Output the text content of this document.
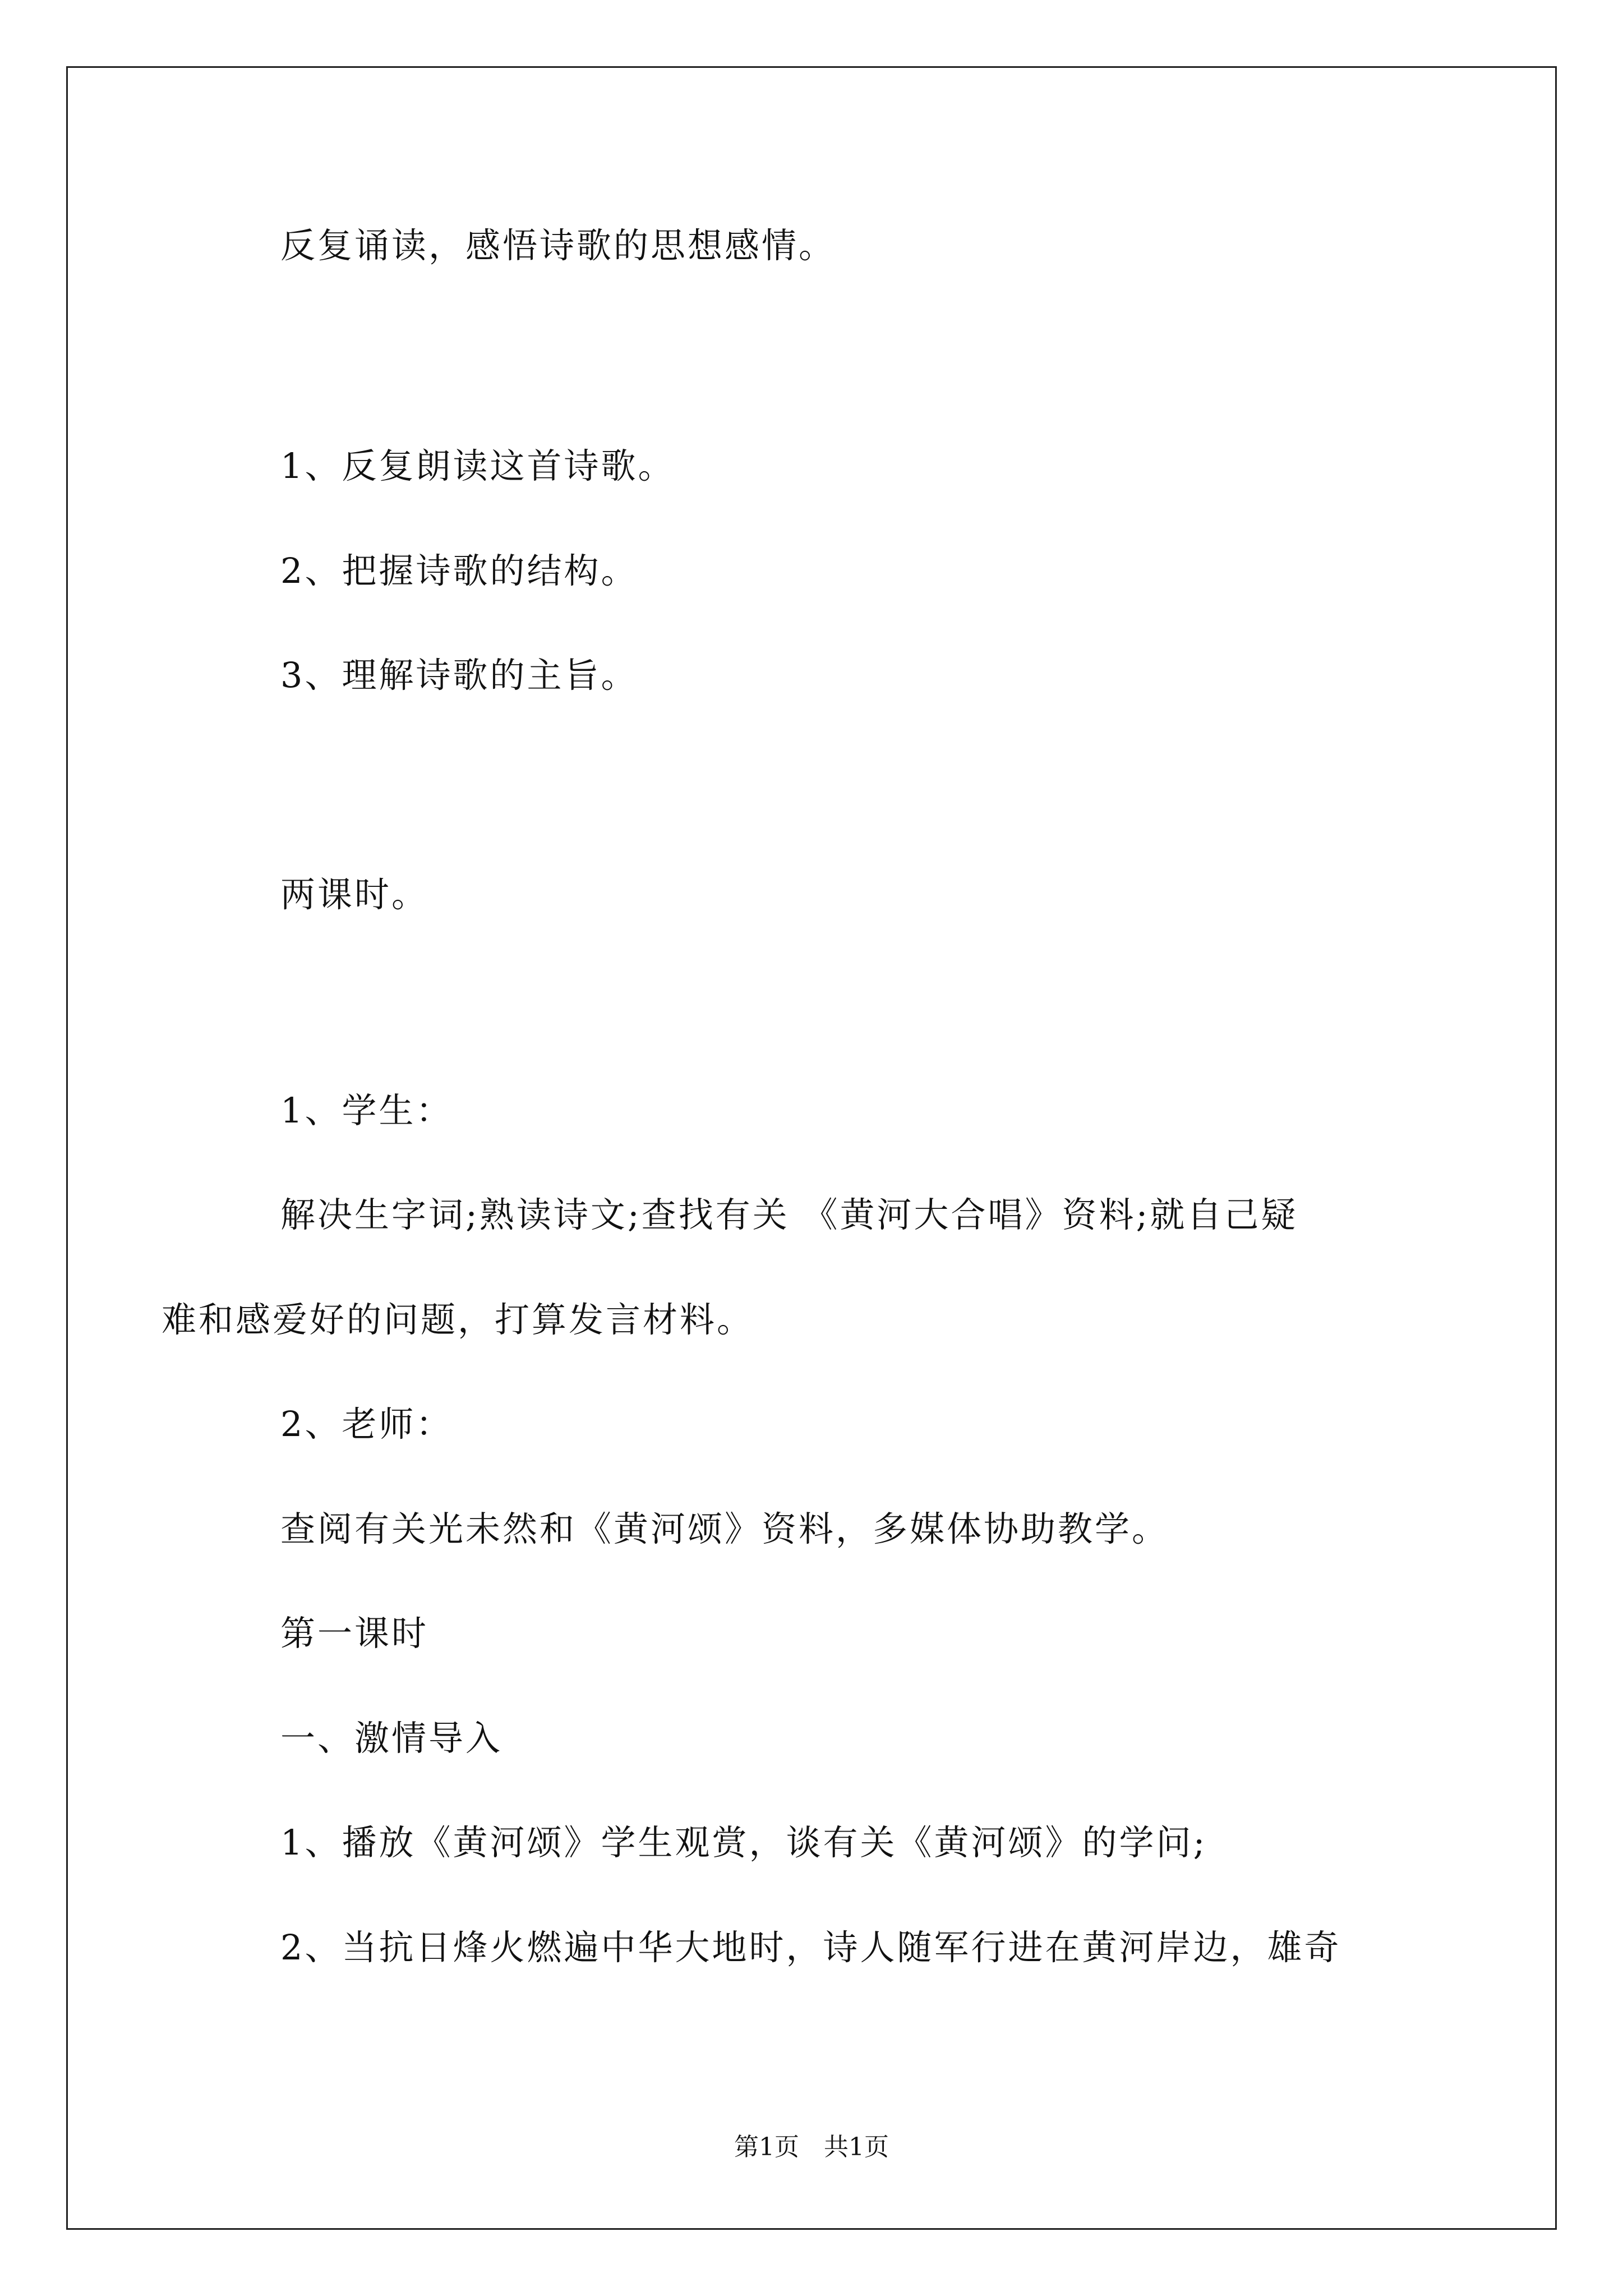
反复诵读，感悟诗歌的思想感情。
1、反复朗读这首诗歌。
2、把握诗歌的结构。
3、理解诗歌的主旨。
两课时。
1、学生：
解决生字词;熟读诗文;查找有关 《黄河大合唱》资料;就自己疑
难和感爱好的问题，打算发言材料。
2、老师：
查阅有关光未然和《黄河颂》资料，多媒体协助教学。
第一课时
一、激情导入
1、播放《黄河颂》学生观赏，谈有关《黄河颂》的学问;
2、当抗日烽火燃遍中华大地时，诗人随军行进在黄河岸边，雄奇
第1页　共1页
